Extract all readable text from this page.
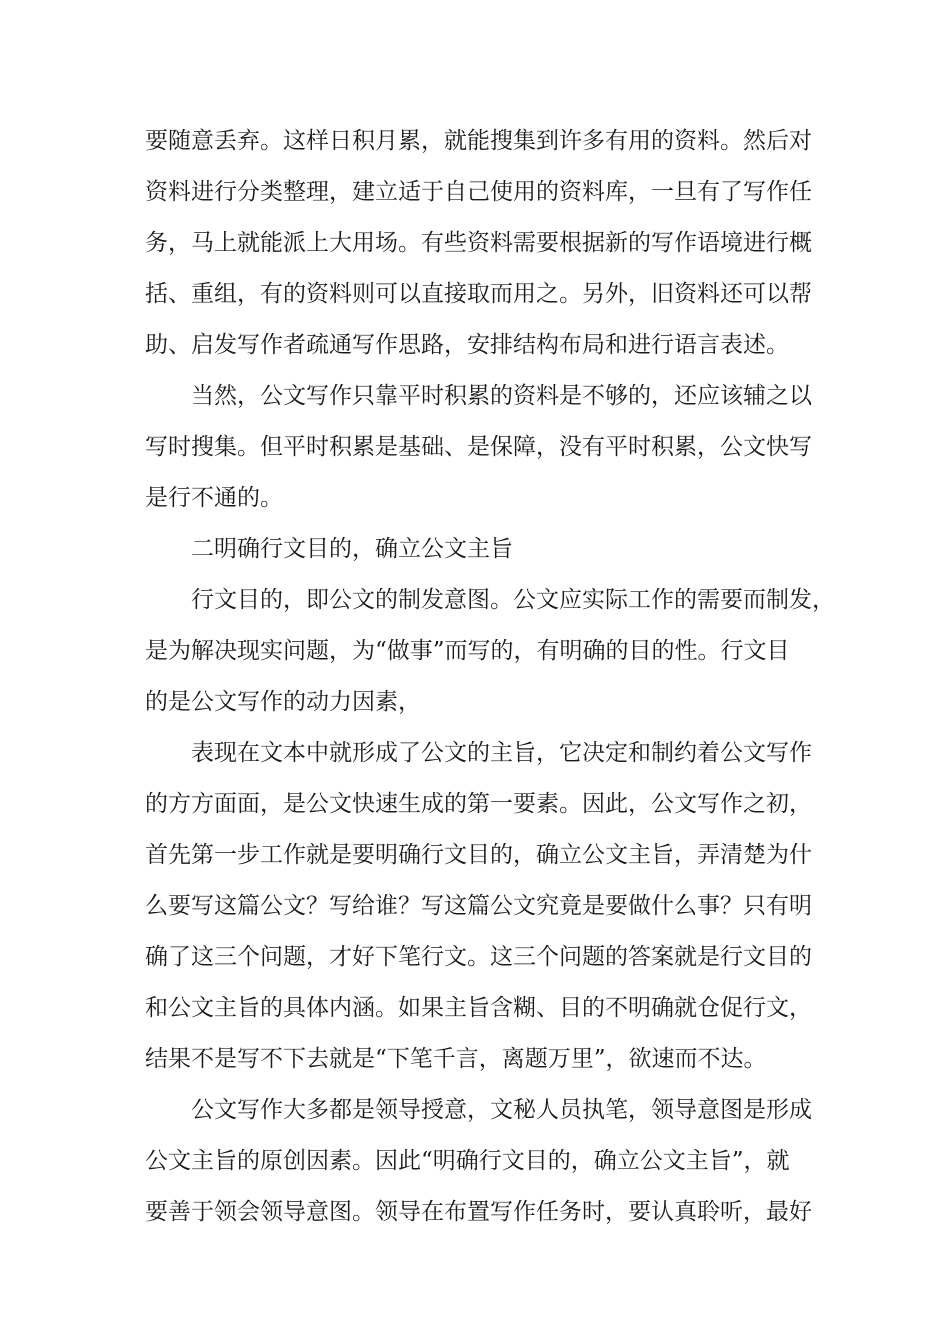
要随意丢弃。这样日积月累，就能搜集到许多有用的资料。然后对
资料进行分类整理，建立适于自己使用的资料库，一旦有了写作任
务，马上就能派上大用场。有些资料需要根据新的写作语境进行概
括、重组，有的资料则可以直接取而用之。另外，旧资料还可以帮
助、启发写作者疏通写作思路，安排结构布局和进行语言表述。
当然，公文写作只靠平时积累的资料是不够的，还应该辅之以
写时搜集。但平时积累是基础、是保障，没有平时积累，公文快写
是行不通的。
二明确行文目的，确立公文主旨
行文目的，即公文的制发意图。公文应实际工作的需要而制发，
是为解决现实问题，为“做事”而写的，有明确的目的性。行文目
的是公文写作的动力因素，
表现在文本中就形成了公文的主旨，它决定和制约着公文写作
的方方面面，是公文快速生成的第一要素。因此，公文写作之初，
首先第一步工作就是要明确行文目的，确立公文主旨，弄清楚为什
么要写这篇公文？写给谁？写这篇公文究竟是要做什么事？只有明
确了这三个问题，才好下笔行文。这三个问题的答案就是行文目的
和公文主旨的具体内涵。如果主旨含糊、目的不明确就仓促行文，
结果不是写不下去就是“下笔千言，离题万里”，欲速而不达。
公文写作大多都是领导授意，文秘人员执笔，领导意图是形成
公文主旨的原创因素。因此“明确行文目的，确立公文主旨”，就
要善于领会领导意图。领导在布置写作任务时，要认真聆听，最好
